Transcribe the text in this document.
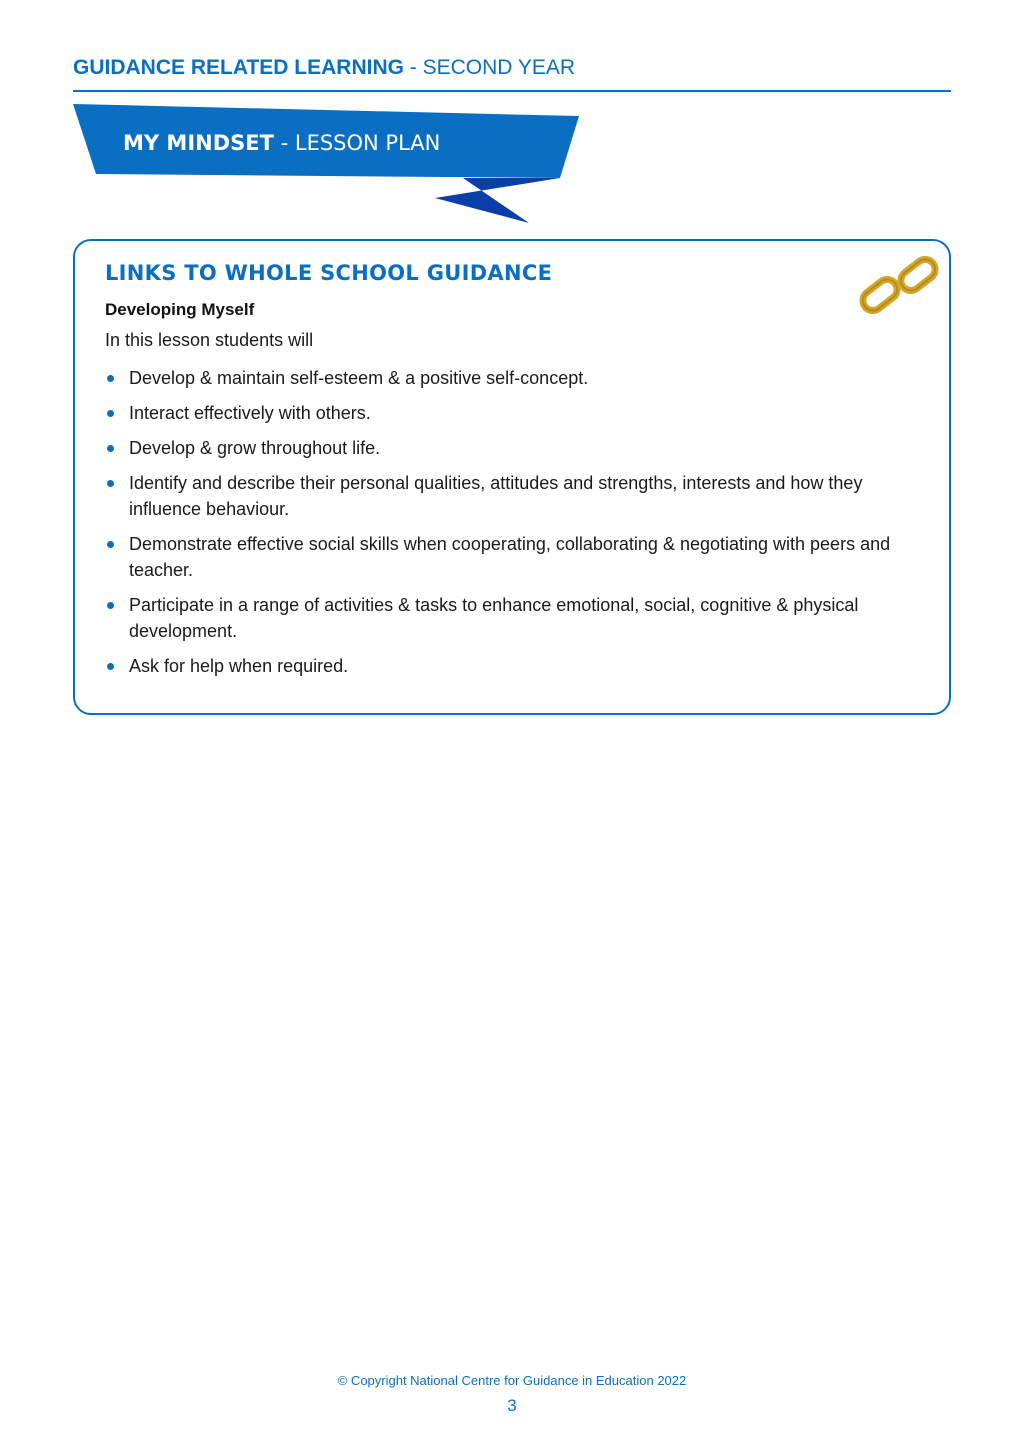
GUIDANCE RELATED LEARNING - SECOND YEAR
MY MINDSET - LESSON PLAN
LINKS TO WHOLE SCHOOL GUIDANCE
Developing Myself
In this lesson students will
Develop & maintain self-esteem & a positive self-concept.
Interact effectively with others.
Develop & grow throughout life.
Identify and describe their personal qualities, attitudes and strengths, interests and how they influence behaviour.
Demonstrate effective social skills when cooperating, collaborating & negotiating with peers and teacher.
Participate in a range of activities & tasks to enhance emotional, social, cognitive & physical development.
Ask for help when required.
© Copyright National Centre for Guidance in Education 2022
3
